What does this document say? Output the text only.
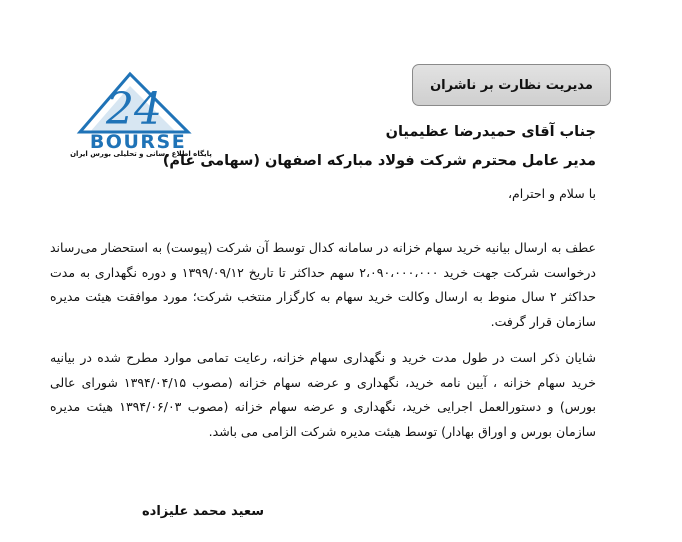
24
BOURSE
پایگاه اطلاع رسانی و تحلیلی بورس ایران
مدیریت نظارت بر ناشران
جناب آقای حمیدرضا عظیمیان
مدیر عامل محترم شرکت فولاد مبارکه اصفهان (سهامی عام)
با سلام و احترام،

عطف به ارسال بیانیه خرید سهام خزانه در سامانه کدال توسط آن شرکت (پیوست) به استحضار می‌رساند درخواست شرکت جهت خرید ۲،۰۹۰،۰۰۰،۰۰۰ سهم حداکثر تا تاریخ ۱۳۹۹/۰۹/۱۲ و دوره نگهداری به مدت حداکثر ۲ سال منوط به ارسال وکالت خرید سهام به کارگزار منتخب شرکت؛ مورد موافقت هیئت مدیره سازمان قرار گرفت.

شایان ذکر است در طول مدت خرید و نگهداری سهام خزانه، رعایت تمامی موارد مطرح شده در بیانیه خرید سهام خزانه ، آیین نامه خرید، نگهداری و عرضه سهام خزانه (مصوب ۱۳۹۴/۰۴/۱۵ شورای عالی بورس) و دستورالعمل اجرایی خرید، نگهداری و عرضه سهام خزانه (مصوب ۱۳۹۴/۰۶/۰۳ هیئت مدیره سازمان بورس و اوراق بهادار) توسط هیئت مدیره شرکت الزامی می باشد.

سعید محمد علیزاده
